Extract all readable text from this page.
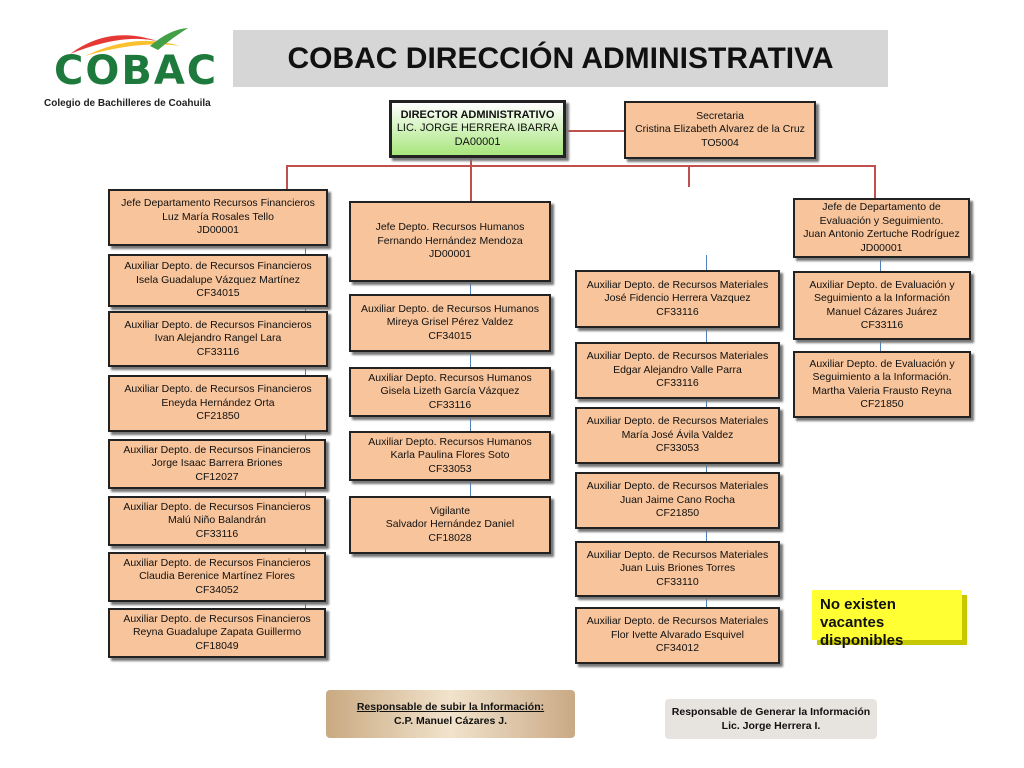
COBAC
Colegio de Bachilleres de Coahuila
COBAC DIRECCIÓN ADMINISTRATIVA
DIRECTOR ADMINISTRATIVO
LIC. JORGE HERRERA IBARRA
DA00001
Secretaria
Cristina Elizabeth Alvarez de la Cruz
TO5004
Jefe Departamento Recursos Financieros
Luz María Rosales Tello
JD00001
Auxiliar Depto. de Recursos Financieros
Isela Guadalupe Vázquez Martínez
CF34015
Auxiliar Depto. de Recursos Financieros
Ivan Alejandro Rangel Lara
CF33116
Auxiliar Depto. de Recursos Financieros
Eneyda Hernández Orta
CF21850
Auxiliar Depto. de Recursos Financieros
Jorge Isaac Barrera Briones
CF12027
Auxiliar Depto. de Recursos Financieros
Malú Niño Balandrán
CF33116
Auxiliar Depto. de Recursos Financieros
Claudia Berenice Martínez Flores
CF34052
Auxiliar Depto. de Recursos Financieros
Reyna Guadalupe Zapata Guillermo
CF18049
Jefe Depto. Recursos Humanos
Fernando Hernández Mendoza
JD00001
Auxiliar Depto. de Recursos Humanos
Mireya Grisel Pérez Valdez
CF34015
Auxiliar Depto. Recursos Humanos
Gisela Lizeth García Vázquez
CF33116
Auxiliar Depto. Recursos Humanos
Karla Paulina Flores Soto
CF33053
Vigilante
Salvador Hernández Daniel
CF18028
Auxiliar Depto. de Recursos Materiales
José Fidencio Herrera Vazquez
CF33116
Auxiliar Depto. de Recursos Materiales
Edgar Alejandro Valle Parra
CF33116
Auxiliar Depto. de Recursos Materiales
María José Ávila Valdez
CF33053
Auxiliar Depto. de Recursos Materiales
Juan Jaime Cano Rocha
CF21850
Auxiliar Depto. de Recursos Materiales
Juan Luis Briones Torres
CF33110
Auxiliar Depto. de Recursos Materiales
Flor Ivette Alvarado Esquivel
CF34012
Jefe de Departamento de
Evaluación y Seguimiento.
Juan Antonio Zertuche Rodríguez
JD00001
Auxiliar Depto. de Evaluación y
Seguimiento a la Información
Manuel Cázares Juárez
CF33116
Auxiliar Depto. de Evaluación y
Seguimiento a la Información.
Martha Valeria Frausto Reyna
CF21850
No existen vacantes disponibles
Responsable de subir la Información:
C.P. Manuel Cázares J.
Responsable de Generar la Información
Lic. Jorge Herrera I.
